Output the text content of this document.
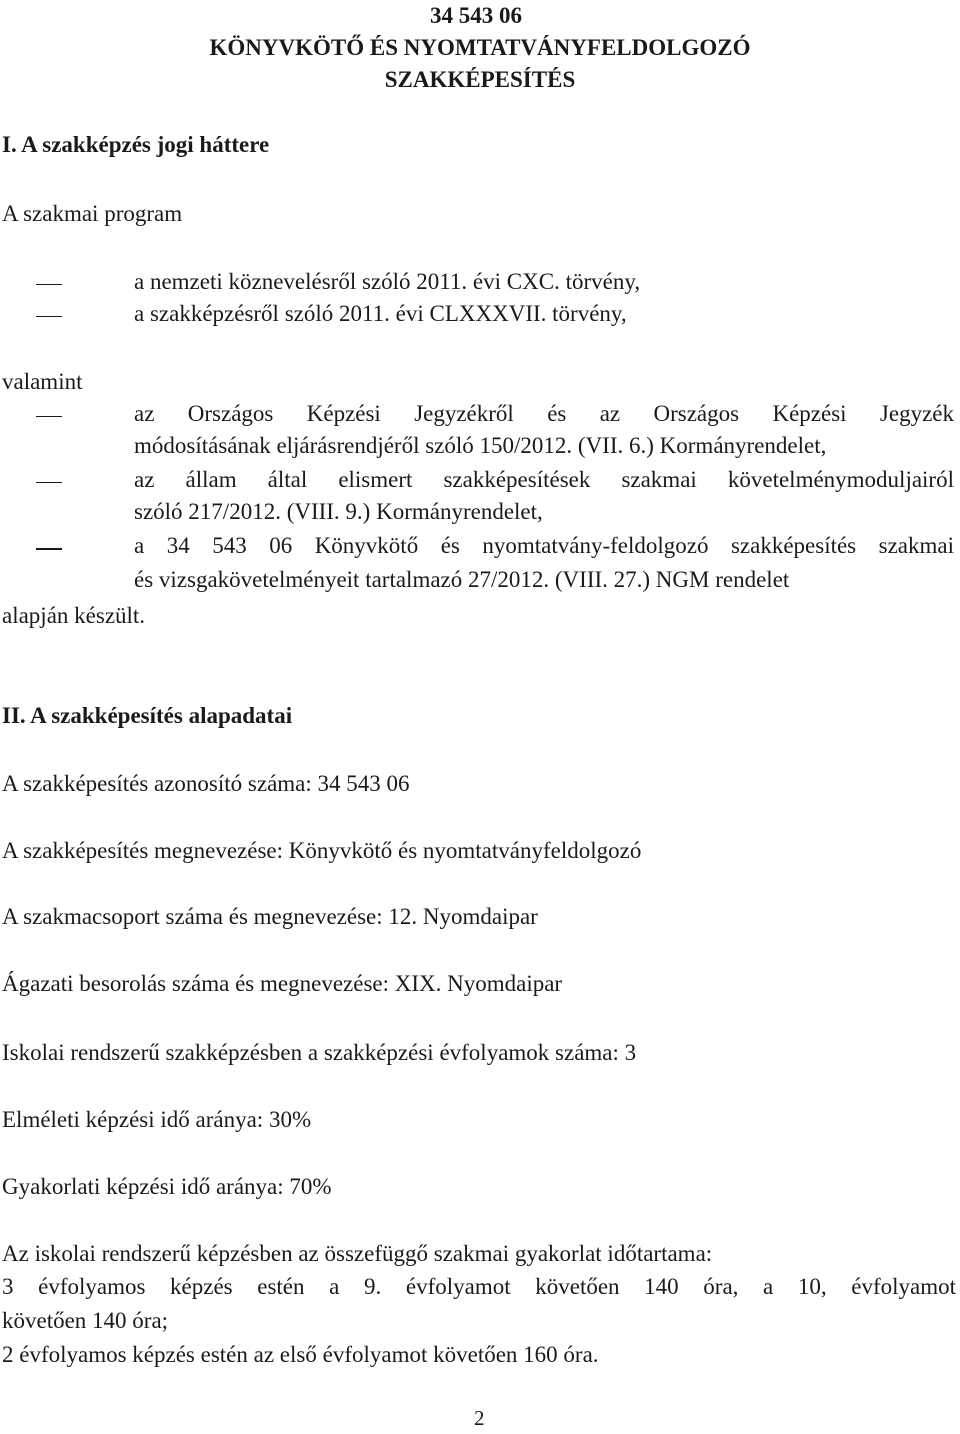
34 543 06
KÖNYVKÖTŐ ÉS NYOMTATVÁNYFELDOLGOZÓ
SZAKKÉPESÍTÉS
I. A szakképzés jogi háttere
A szakmai program
a nemzeti köznevelésről szóló 2011. évi CXC. törvény,
a szakképzésről szóló 2011. évi CLXXXVII. törvény,
valamint
az Országos Képzési Jegyzékről és az Országos Képzési Jegyzék
módosításának eljárásrendjéről szóló 150/2012. (VII. 6.) Kormányrendelet,
az állam által elismert szakképesítések szakmai követelménymoduljairól
szóló 217/2012. (VIII. 9.) Kormányrendelet,
a 34 543 06 Könyvkötő és nyomtatvány-feldolgozó szakképesítés szakmai
és vizsgakövetelményeit tartalmazó 27/2012. (VIII. 27.) NGM rendelet
alapján készült.
II. A szakképesítés alapadatai
A szakképesítés azonosító száma: 34 543 06
A szakképesítés megnevezése: Könyvkötő és nyomtatványfeldolgozó
A szakmacsoport száma és megnevezése: 12. Nyomdaipar
Ágazati besorolás száma és megnevezése: XIX. Nyomdaipar
Iskolai rendszerű szakképzésben a szakképzési évfolyamok száma: 3
Elméleti képzési idő aránya: 30%
Gyakorlati képzési idő aránya: 70%
Az iskolai rendszerű képzésben az összefüggő szakmai gyakorlat időtartama:
3 évfolyamos képzés estén a 9. évfolyamot követően 140 óra, a 10, évfolyamot
követően 140 óra;
2 évfolyamos képzés estén az első évfolyamot követően 160 óra.
2
